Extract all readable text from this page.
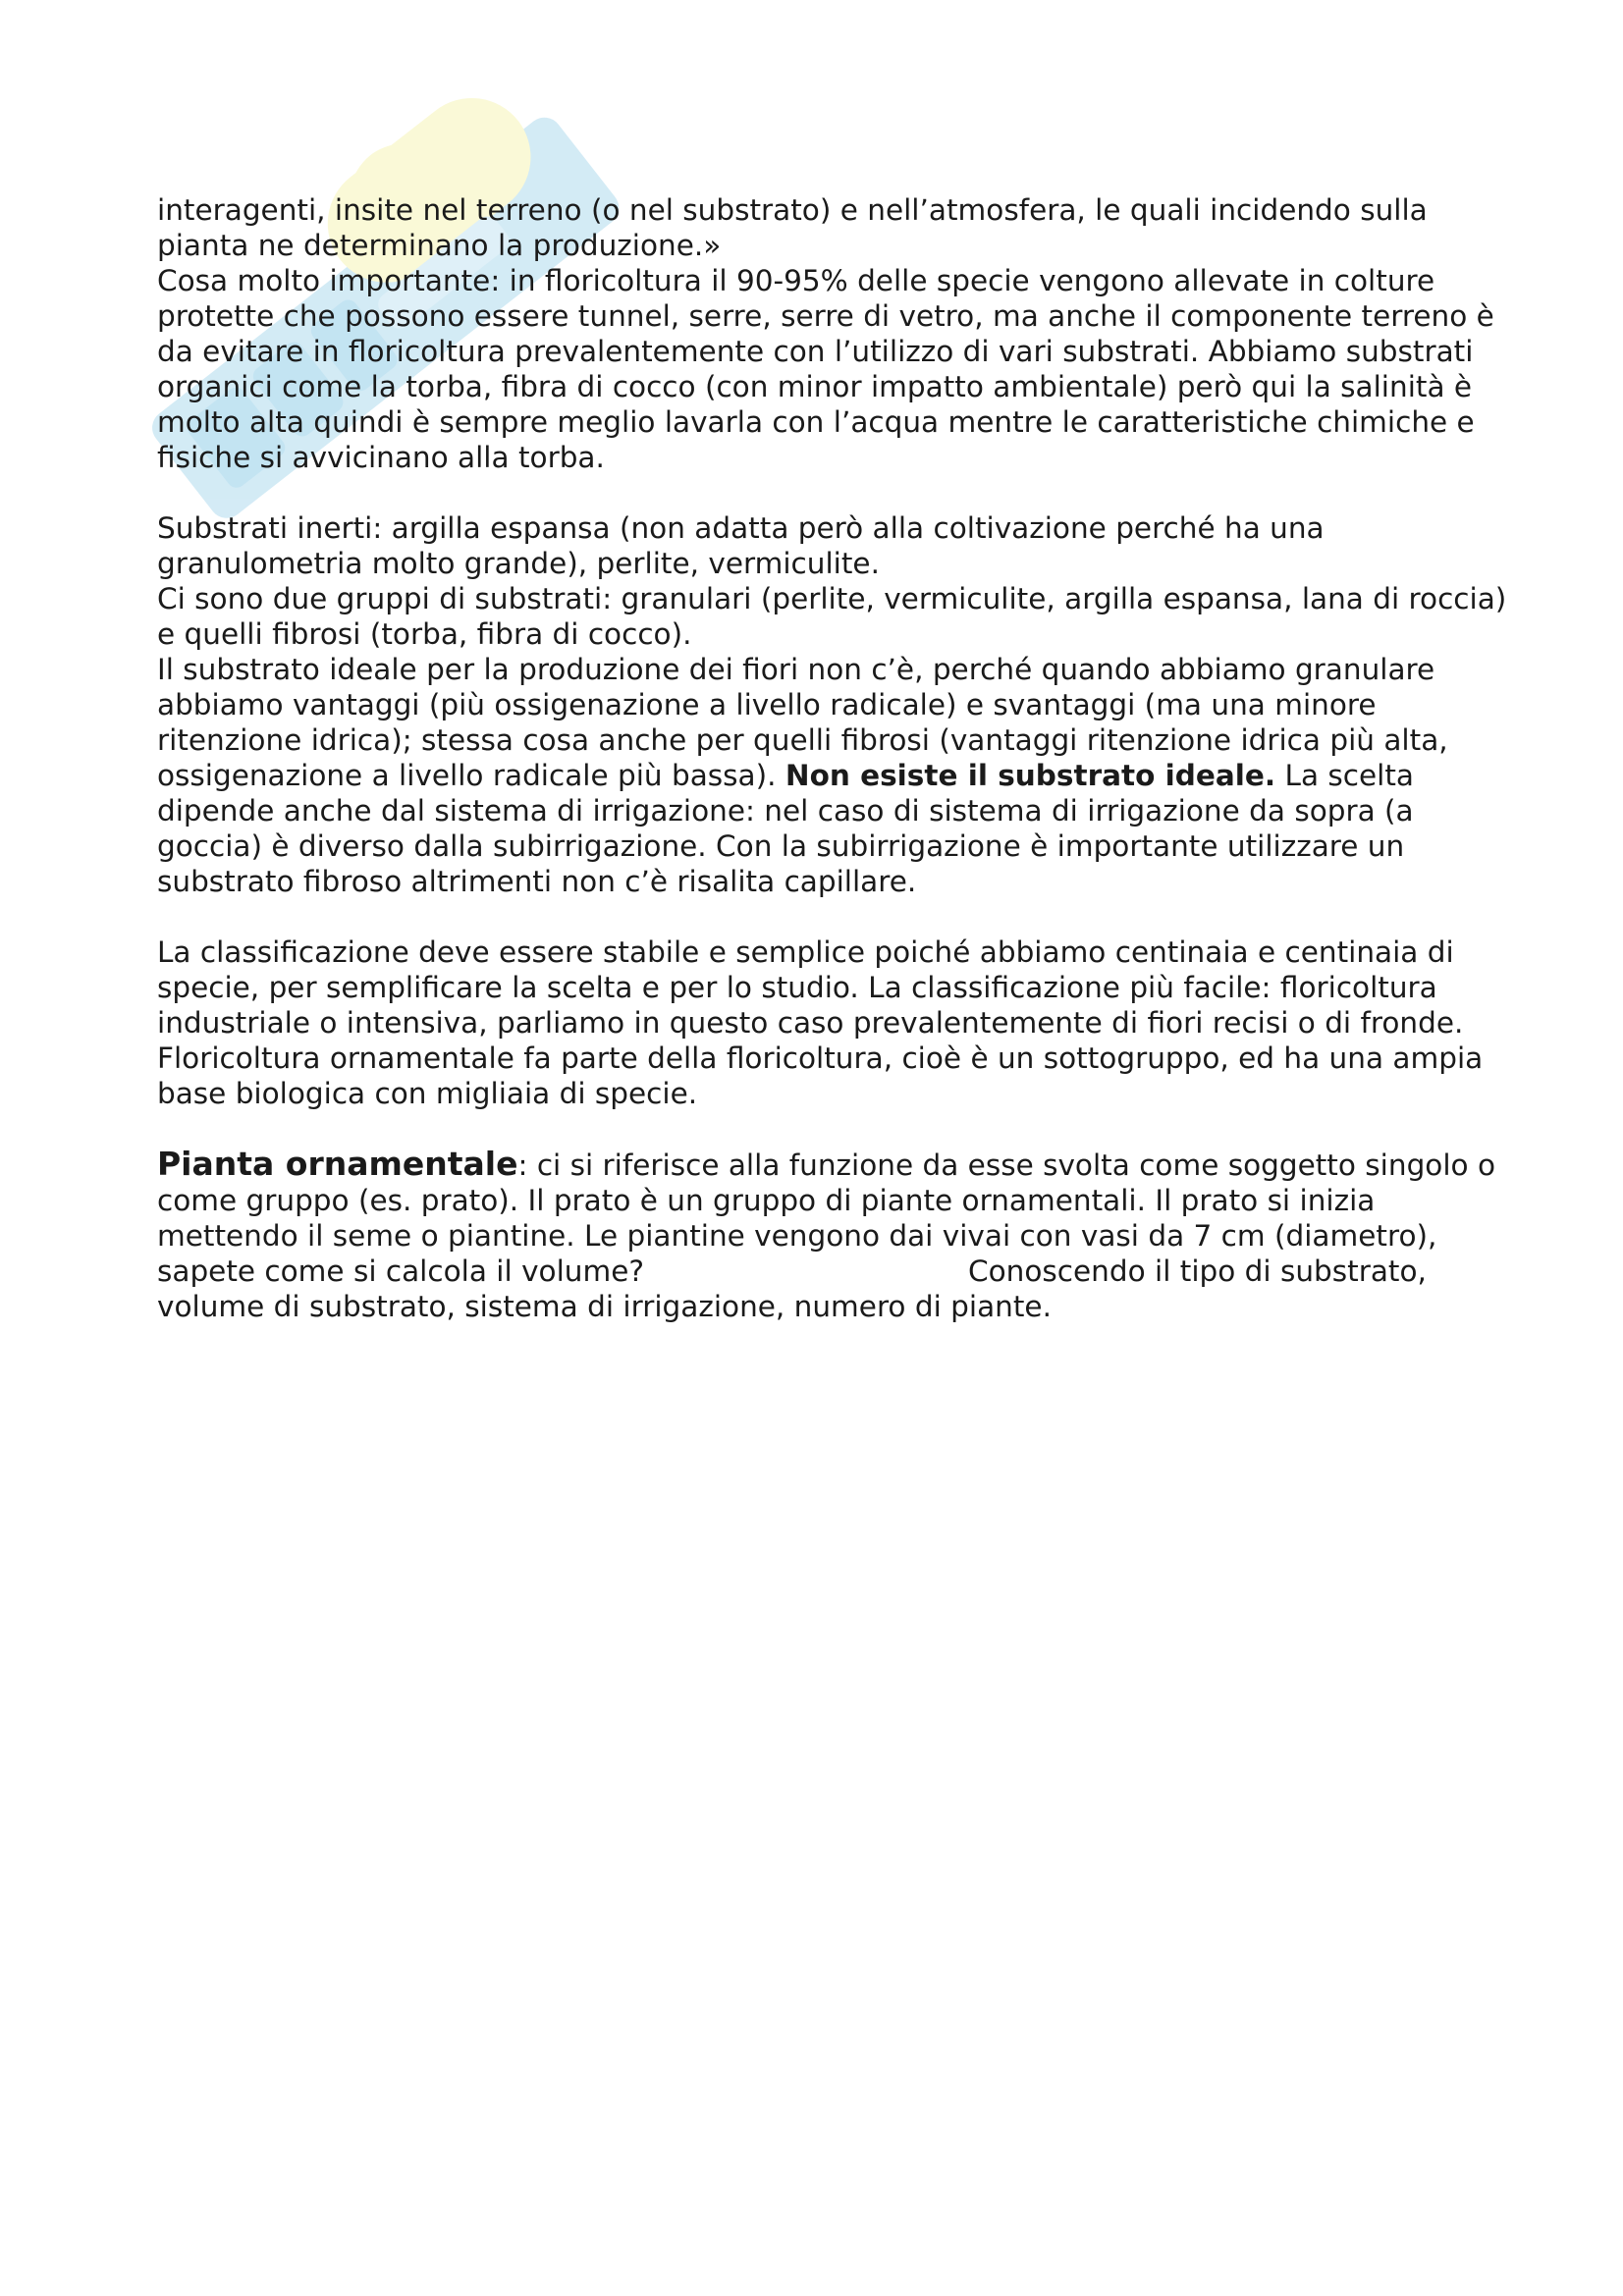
interagenti, insite nel terreno (o nel substrato) e nell’atmosfera, le quali incidendo sulla pianta ne determinano la produzione.»

Cosa molto importante: in floricoltura il 90-95% delle specie vengono allevate in colture protette che possono essere tunnel, serre, serre di vetro, ma anche il componente terreno è da evitare in floricoltura prevalentemente con l’utilizzo di vari substrati. Abbiamo substrati organici come la torba, fibra di cocco (con minor impatto ambientale) però qui la salinità è molto alta quindi è sempre meglio lavarla con l’acqua mentre le caratteristiche chimiche e fisiche si avvicinano alla torba.

Substrati inerti: argilla espansa (non adatta però alla coltivazione perché ha una granulometria molto grande), perlite, vermiculite.

Ci sono due gruppi di substrati: granulari (perlite, vermiculite, argilla espansa, lana di roccia) e quelli fibrosi (torba, fibra di cocco).

Il substrato ideale per la produzione dei fiori non c’è, perché quando abbiamo granulare abbiamo vantaggi (più ossigenazione a livello radicale) e svantaggi (ma una minore ritenzione idrica); stessa cosa anche per quelli fibrosi (vantaggi ritenzione idrica più alta, ossigenazione a livello radicale più bassa). Non esiste il substrato ideale. La scelta dipende anche dal sistema di irrigazione: nel caso di sistema di irrigazione da sopra (a goccia) è diverso dalla subirrigazione. Con la subirrigazione è importante utilizzare un substrato fibroso altrimenti non c’è risalita capillare.

La classificazione deve essere stabile e semplice poiché abbiamo centinaia e centinaia di specie, per semplificare la scelta e per lo studio. La classificazione più facile: floricoltura industriale o intensiva, parliamo in questo caso prevalentemente di fiori recisi o di fronde.

Floricoltura ornamentale fa parte della floricoltura, cioè è un sottogruppo, ed ha una ampia base biologica con migliaia di specie.

Pianta ornamentale: ci si riferisce alla funzione da esse svolta come soggetto singolo o come gruppo (es. prato). Il prato è un gruppo di piante ornamentali. Il prato si inizia mettendo il seme o piantine. Le piantine vengono dai vivai con vasi da 7 cm (diametro), sapete come si calcola il volume?	Conoscendo il tipo di substrato, volume di substrato, sistema di irrigazione, numero di piante.
